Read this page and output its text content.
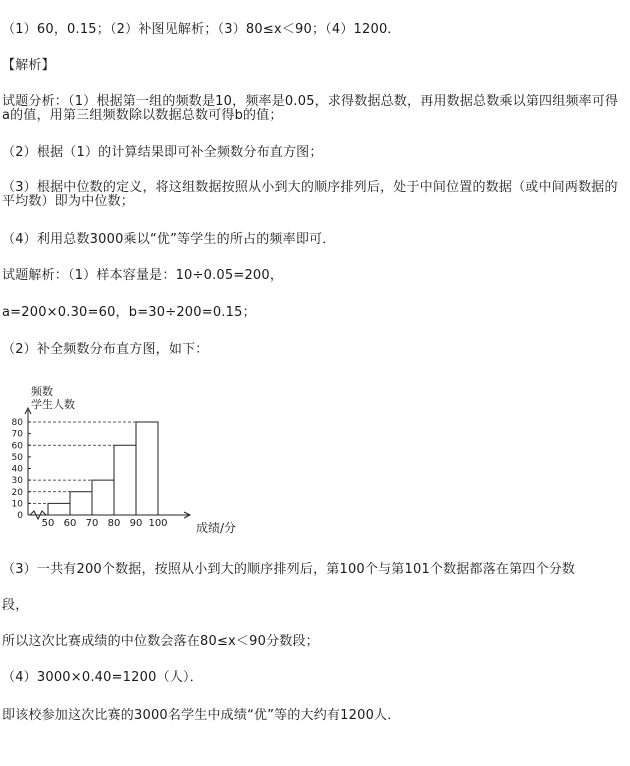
（1）60，0.15；（2）补图见解析；（3）80≤x＜90；（4）1200．
【解析】
试题分析：（1）根据第一组的频数是10，频率是0.05，求得数据总数，再用数据总数乘以第四组频率可得a的值，用第三组频数除以数据总数可得b的值；
（2）根据（1）的计算结果即可补全频数分布直方图；
（3）根据中位数的定义，将这组数据按照从小到大的顺序排列后，处于中间位置的数据（或中间两数据的平均数）即为中位数；
（4）利用总数3000乘以“优”等学生的所占的频率即可．
试题解析：（1）样本容量是：10÷0.05=200，
a=200×0.30=60，b=30÷200=0.15；
（2）补全频数分布直方图，如下：
频数
学生人数
成绩/分
0
10
20
30
40
50
60
70
80
50 60 70 80 90 100
（3）一共有200个数据，按照从小到大的顺序排列后，第100个与第101个数据都落在第四个分数
段，
所以这次比赛成绩的中位数会落在80≤x＜90分数段；
（4）3000×0.40=1200（人）．
即该校参加这次比赛的3000名学生中成绩“优”等的大约有1200人．
